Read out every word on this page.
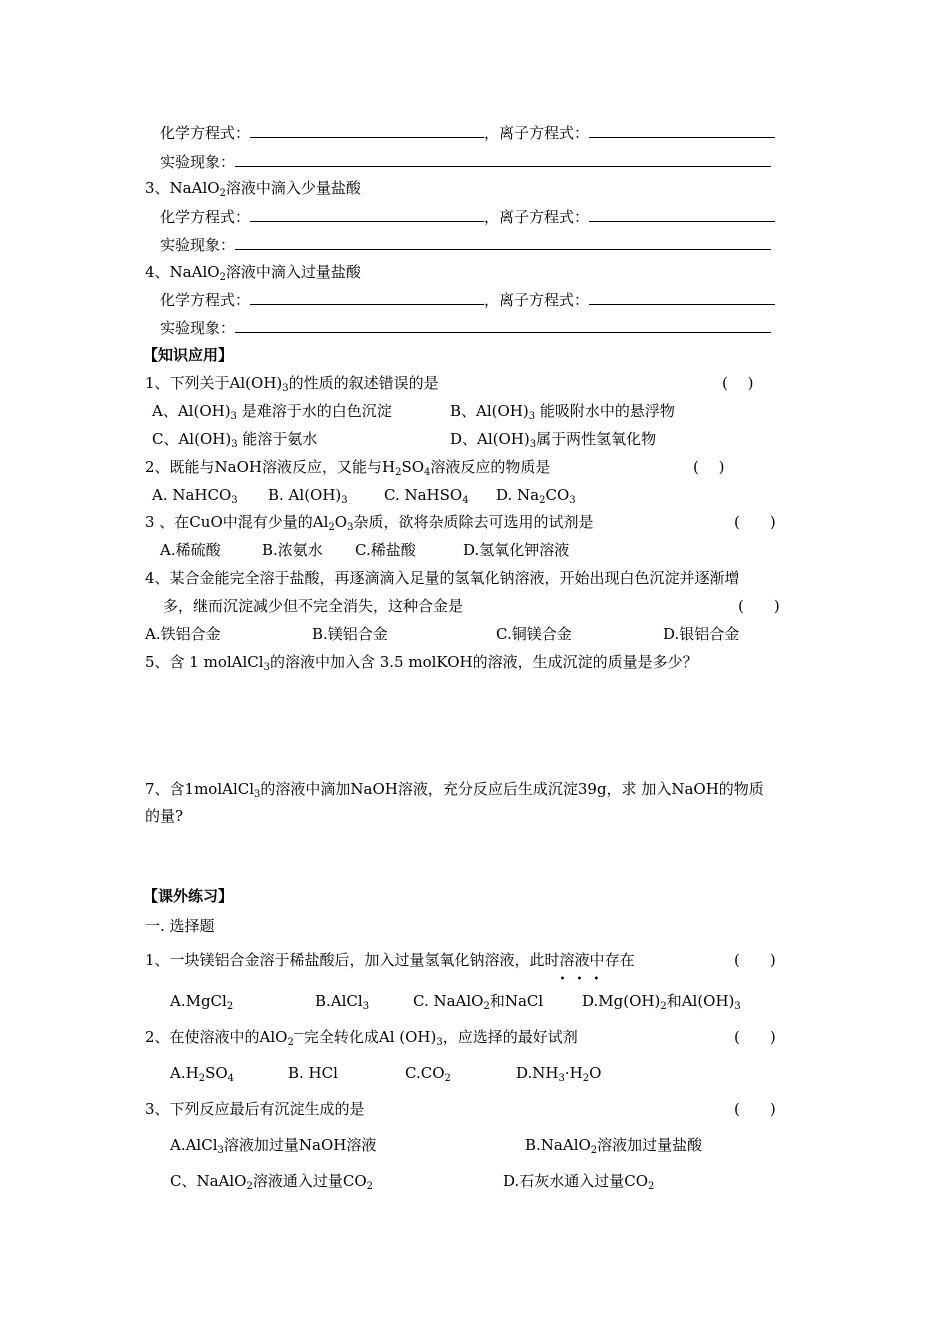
化学方程式：	，离子方程式：
实验现象：
3、NaAlO$_2$溶液中滴入少量盐酸
化学方程式：	，离子方程式：
实验现象：
4、NaAlO$_2$溶液中滴入过量盐酸
化学方程式：	，离子方程式：
实验现象：
【知识应用】
1、下列关于$Al(OH)_3$的性质的叙述错误的是	(　 )
A、$Al(OH)_3$ 是难溶于水的白色沉淀	B、$Al(OH)_3$ 能吸附水中的悬浮物
C、$Al(OH)_3$ 能溶于氨水	D、$Al(OH)_3$属于两性氢氧化物
2、既能与NaOH溶液反应，又能与$H_2SO_4$溶液反应的物质是	(　 )
A. NaHCO$_3$ B. $Al(OH)_3$ C. NaHSO$_4$ D. $Na_2CO_3$
3 、在CuO中混有少量的$Al_2O_3$杂质，欲将杂质除去可选用的试剂是	(　　)
A.稀硫酸	B.浓氨水 C.稀盐酸	D.氢氧化钾溶液
4、某合金能完全溶于盐酸，再逐滴滴入足量的氢氧化钠溶液，开始出现白色沉淀并逐渐增
多，继而沉淀减少但不完全消失，这种合金是	(　　)
A.铁铝合金	B.镁铝合金	C.铜镁合金	D.银铝合金
5、含 1 molAlCl$_3$的溶液中加入含 3.5 molKOH的溶液，生成沉淀的质量是多少？
7、含1molAlCl$_3$的溶液中滴加NaOH溶液，充分反应后生成沉淀39g，求 加入NaOH的物质
的量?
【课外练习】
一. 选择题
1、一块镁铝合金溶于稀盐酸后，加入过量氢氧化钠溶液，此时溶液中
•••
存在	(　　)
A.MgCl$_2$	B.AlCl$_3$	C. NaAlO$_2$和NaCl	$D.Mg(OH)_2$和$Al(OH)_3$
2、在使溶液中的AlO$_2$—完全转化成Al $(OH)_3$，应选择的最好试剂	(　　)
$A.H_2SO_4$	B. HCl	$C.CO_2$	$D.NH_3\cdot H_2O$
3、下列反应最后有沉淀生成的是	(　　)
A.AlCl$_3$溶液加过量NaOH溶液	B.NaAlO$_2$溶液加过量盐酸
C、NaAlO$_2$溶液通入过量$CO_2$	D.石灰水通入过量$CO_2$
